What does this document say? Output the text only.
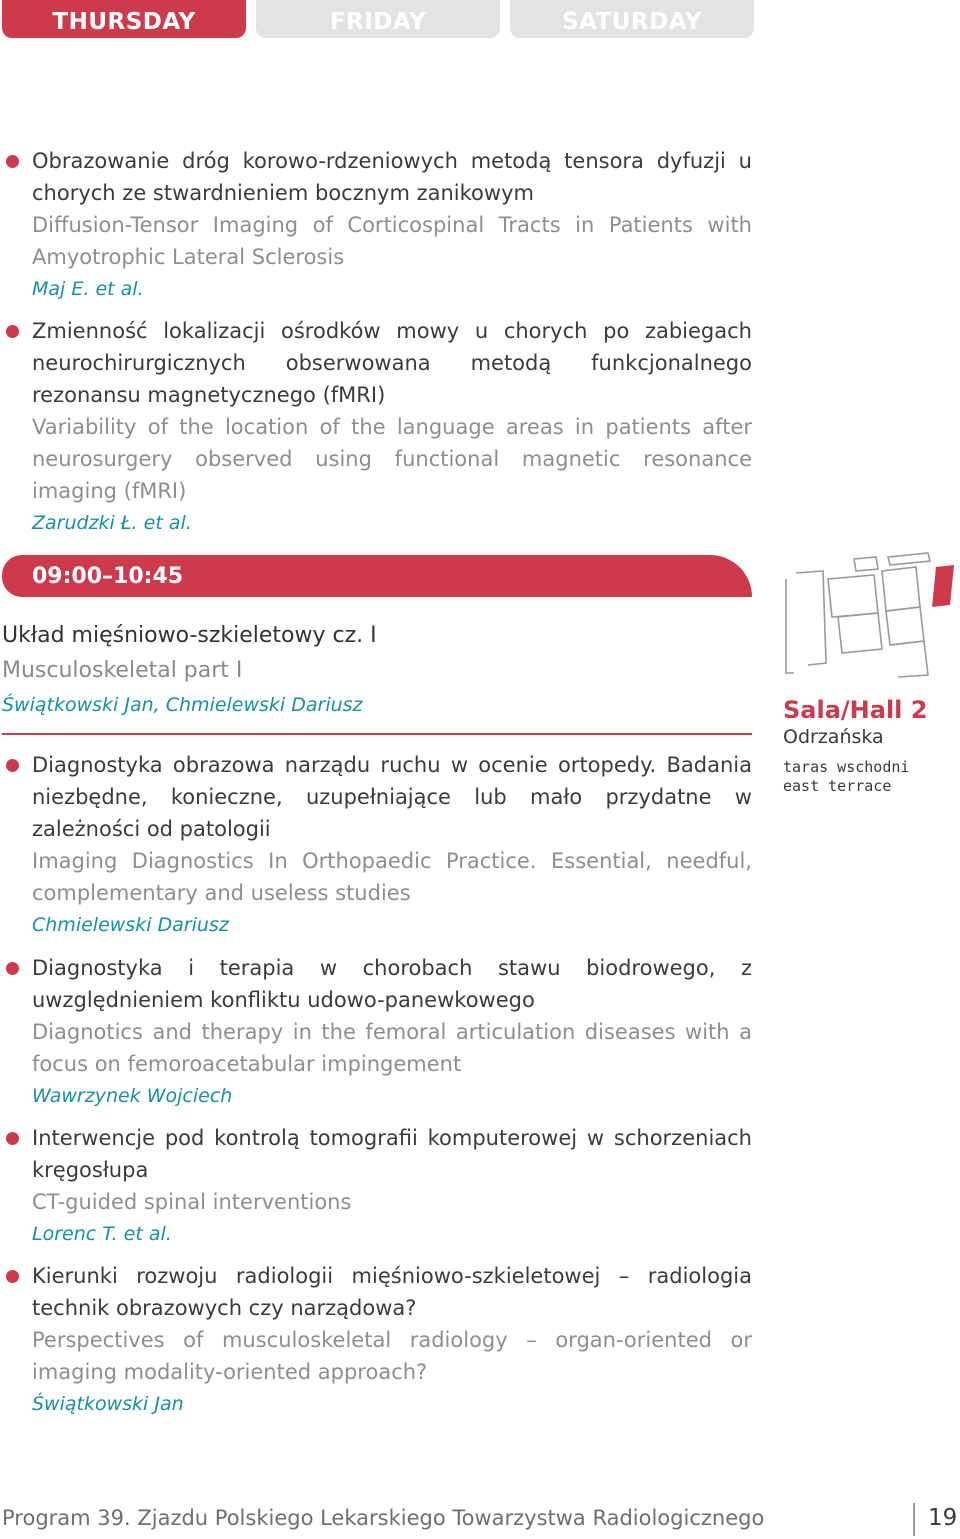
THURSDAY	FRIDAY	SATURDAY
Obrazowanie dróg korowo-rdzeniowych metodą tensora dyfuzji u chorych ze stwardnieniem bocznym zanikowym
Diffusion-Tensor Imaging of Corticospinal Tracts in Patients with Amyotrophic Lateral Sclerosis
Maj E. et al.
Zmienność lokalizacji ośrodków mowy u chorych po zabiegach neurochirurgicznych obserwowana metodą funkcjonalnego rezonansu magnetycznego (fMRI)
Variability of the location of the language areas in patients after neurosurgery observed using functional magnetic resonance imaging (fMRI)
Zarudzki Ł. et al.
09:00–10:45
Układ mięśniowo-szkieletowy cz. I
Musculoskeletal part I
Świątkowski Jan, Chmielewski Dariusz	Sala/Hall 2
Odrzańska
taras wschodni
east terrace
Diagnostyka obrazowa narządu ruchu w ocenie ortopedy. Badania niezbędne, konieczne, uzupełniające lub mało przydatne w zależności od patologii
Imaging Diagnostics In Orthopaedic Practice. Essential, needful, complementary and useless studies
Chmielewski Dariusz
Diagnostyka i terapia w chorobach stawu biodrowego, z uwzględnieniem konfliktu udowo-panewkowego
Diagnotics and therapy in the femoral articulation diseases with a focus on femoroacetabular impingement
Wawrzynek Wojciech
Interwencje pod kontrolą tomografii komputerowej w schorzeniach kręgosłupa
CT-guided spinal interventions
Lorenc T. et al.
Kierunki rozwoju radiologii mięśniowo-szkieletowej – radiologia technik obrazowych czy narządowa?
Perspectives of musculoskeletal radiology – organ-oriented or imaging modality-oriented approach?
Świątkowski Jan
Program 39. Zjazdu Polskiego Lekarskiego Towarzystwa Radiologicznego	19
